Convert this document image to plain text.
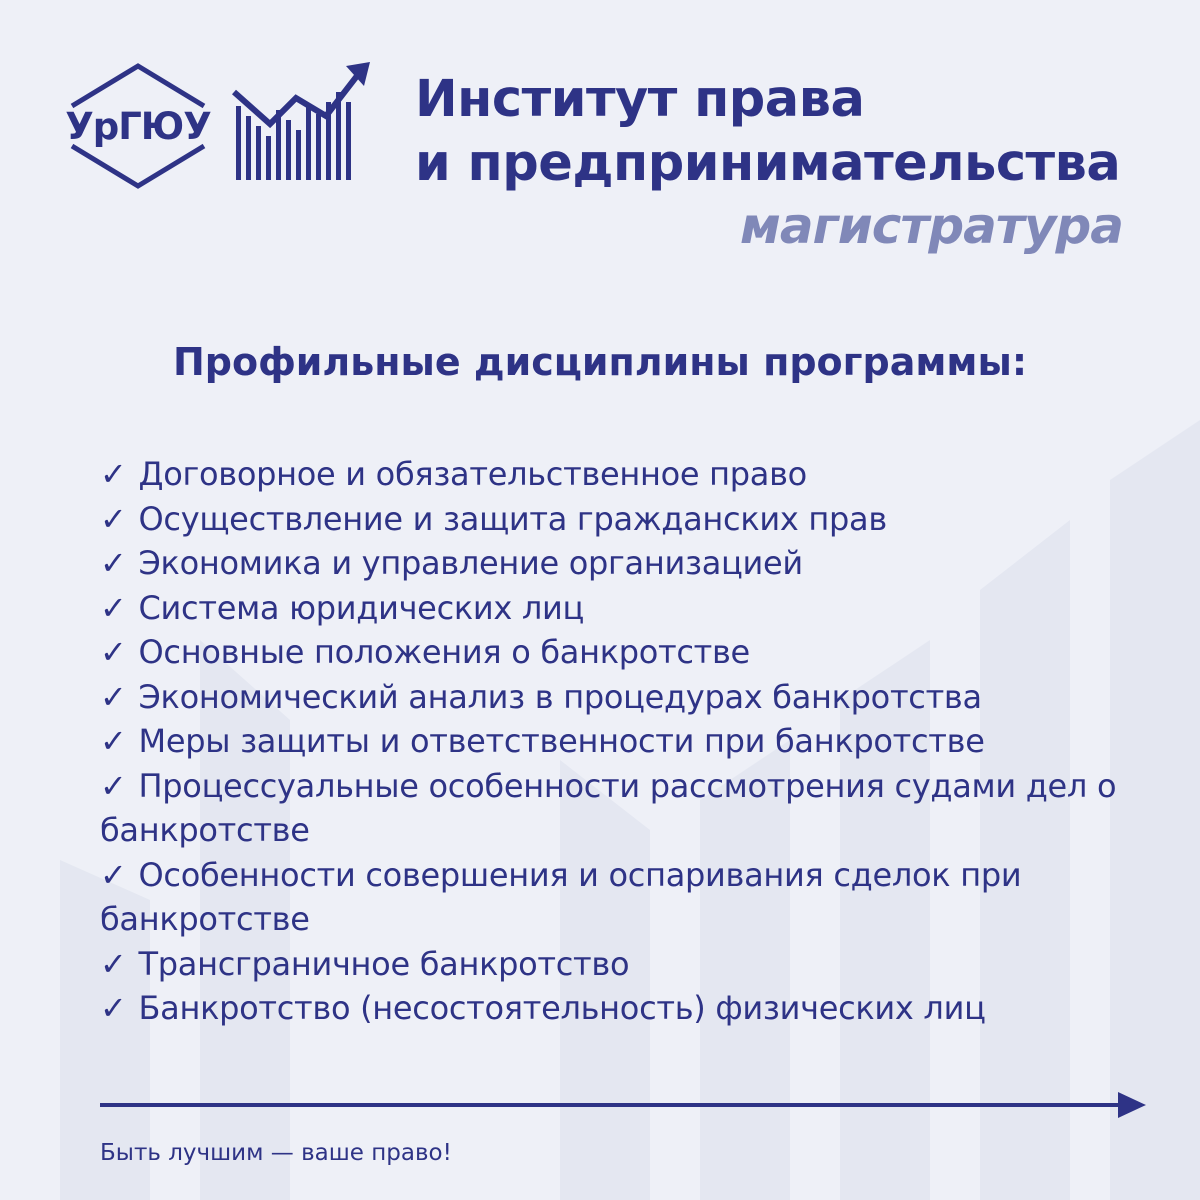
УрГЮУ	Институт права
и предпринимательства
магистратура
Профильные дисциплины программы:
✓ Договорное и обязательственное право
✓ Осуществление и защита гражданских прав
✓ Экономика и управление организацией
✓ Система юридических лиц
✓ Основные положения о банкротстве
✓ Экономический анализ в процедурах банкротства
✓ Меры защиты и ответственности при банкротстве
✓ Процессуальные особенности рассмотрения судами дел о банкротстве
✓ Особенности совершения и оспаривания сделок при банкротстве
✓ Трансграничное банкротство
✓ Банкротство (несостоятельность) физических лиц
Быть лучшим — ваше право!
